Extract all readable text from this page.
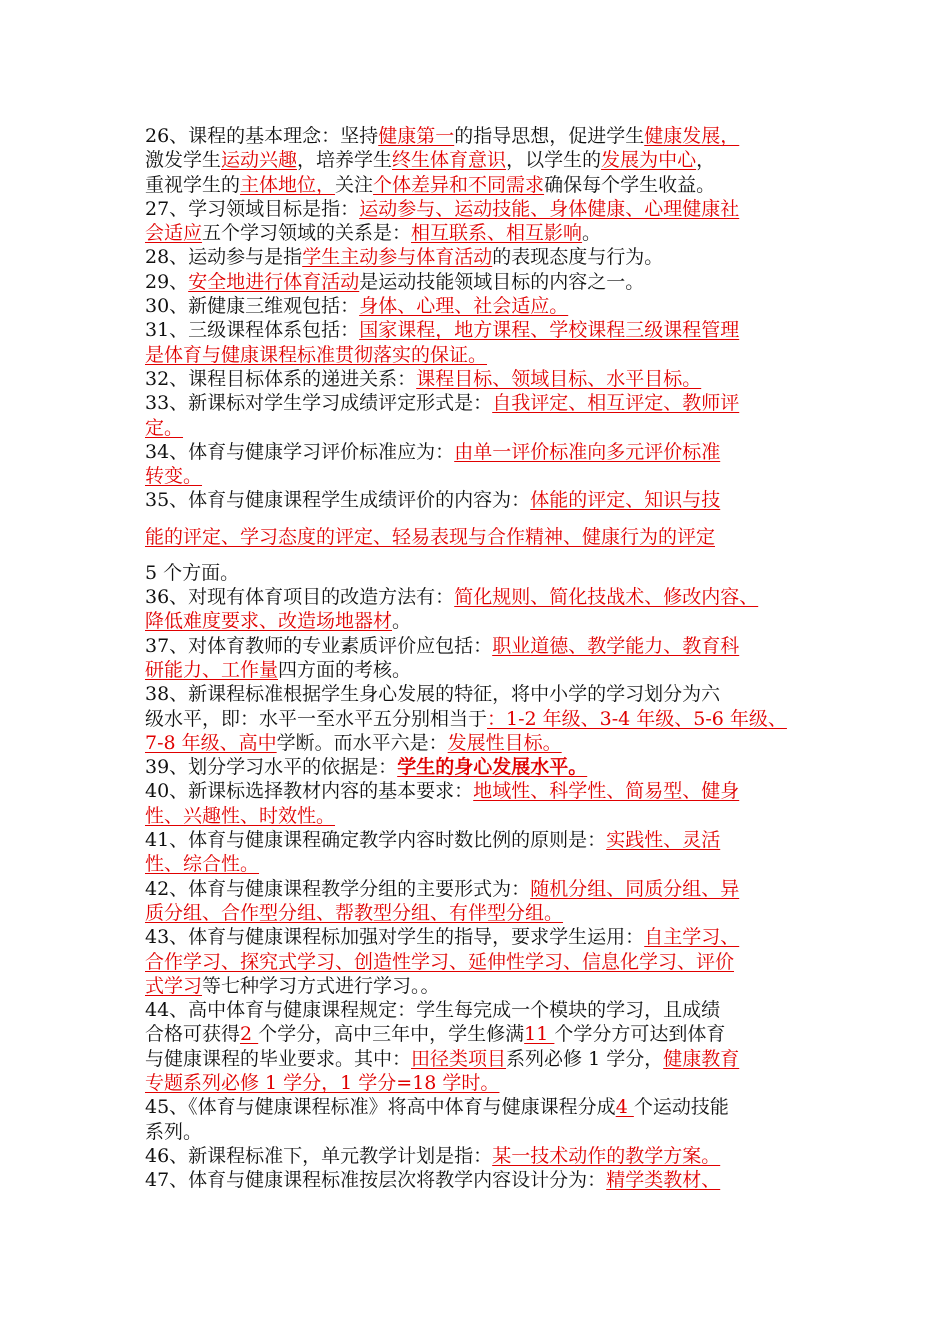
26、课程的基本理念：坚持健康第一的指导思想，促进学生健康发展，
激发学生运动兴趣，培养学生终生体育意识，以学生的发展为中心，
重视学生的主体地位，关注个体差异和不同需求确保每个学生收益。
27、学习领域目标是指：运动参与、运动技能、身体健康、心理健康社
会适应五个学习领域的关系是：相互联系、相互影响。
28、运动参与是指学生主动参与体育活动的表现态度与行为。
29、安全地进行体育活动是运动技能领域目标的内容之一。
30、新健康三维观包括：身体、心理、社会适应。
31、三级课程体系包括：国家课程，地方课程、学校课程三级课程管理
是体育与健康课程标准贯彻落实的保证。
32、课程目标体系的递进关系：课程目标、领域目标、水平目标。
33、新课标对学生学习成绩评定形式是：自我评定、相互评定、教师评
定。
34、体育与健康学习评价标准应为：由单一评价标准向多元评价标准
转变。
35、体育与健康课程学生成绩评价的内容为：体能的评定、知识与技
能的评定、学习态度的评定、轻易表现与合作精神、健康行为的评定
5 个方面。
36、对现有体育项目的改造方法有：简化规则、简化技战术、修改内容、
降低难度要求、改造场地器材。
37、对体育教师的专业素质评价应包括：职业道德、教学能力、教育科
研能力、工作量四方面的考核。
38、新课程标准根据学生身心发展的特征，将中小学的学习划分为六
级水平，即：水平一至水平五分别相当于：1-2 年级、3-4 年级、5-6 年级、
7-8 年级、高中学断。而水平六是：发展性目标。
39、划分学习水平的依据是：学生的身心发展水平。
40、新课标选择教材内容的基本要求：地域性、科学性、简易型、健身
性、兴趣性、时效性。
41、体育与健康课程确定教学内容时数比例的原则是：实践性、灵活
性、综合性。
42、体育与健康课程教学分组的主要形式为：随机分组、同质分组、异
质分组、合作型分组、帮教型分组、有伴型分组。
43、体育与健康课程标加强对学生的指导，要求学生运用：自主学习、
合作学习、探究式学习、创造性学习、延伸性学习、信息化学习、评价
式学习等七种学习方式进行学习。。
44、高中体育与健康课程规定：学生每完成一个模块的学习，且成绩
合格可获得2 个学分，高中三年中，学生修满11 个学分方可达到体育
与健康课程的毕业要求。其中：田径类项目系列必修 1 学分，健康教育
专题系列必修 1 学分，1 学分=18 学时。
45、《体育与健康课程标准》将高中体育与健康课程分成4 个运动技能
系列。
46、新课程标准下，单元教学计划是指：某一技术动作的教学方案。
47、体育与健康课程标准按层次将教学内容设计分为：精学类教材、
